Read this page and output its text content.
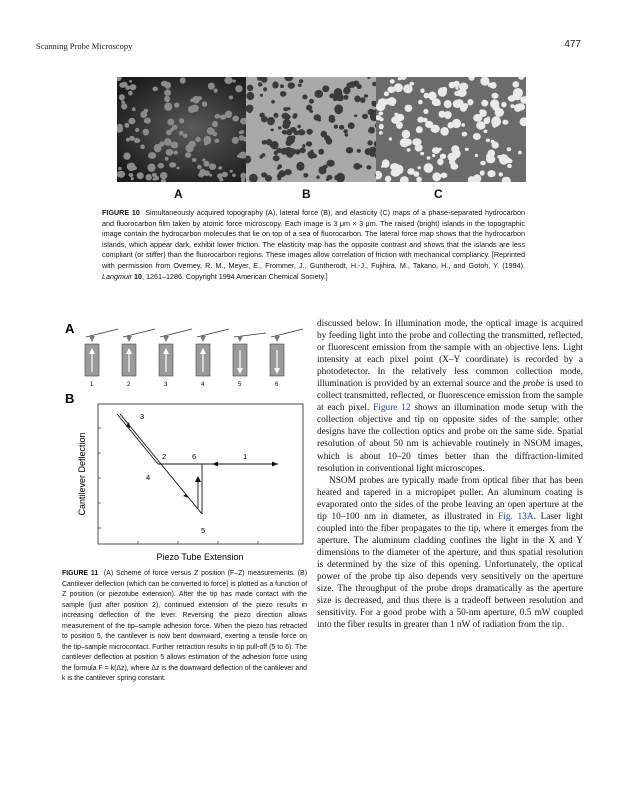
Scanning Probe Microscopy	477
A	B	C
FIGURE 10 Simultaneously acquired topography (A), lateral force (B), and elasticity (C) maps of a phase-separated hydrocarbon and fluorocarbon film taken by atomic force microscopy. Each image is 3 μm × 3 μm. The raised (bright) islands in the topographic image contain the hydrocarbon molecules that lie on top of a sea of fluorocarbon. The lateral force map shows that the hydrocarbon islands, which appear dark, exhibit lower friction. The elasticity map has the opposite contrast and shows that the islands are less compliant (or stiffer) than the fluorocarbon regions. These images allow correlation of friction with mechanical compliancy. [Reprinted with permission from Overney, R. M., Meyer, E., Frommer, J., Guntherodt, H.-J., Fujihira, M., Takano, H., and Gotoh, Y. (1994). Langmuir 10, 1261–1286. Copyright 1994 American Chemical Society.]
A
B
1	2	3	4	5	6
3
2	6	1
4
5
Cantilever Deflection
Piezo Tube Extension
FIGURE 11 (A) Scheme of force versus Z position (F–Z) measurements. (B) Cantilever deflection (which can be converted to force) is plotted as a function of Z position (or piezotube extension). After the tip has made contact with the sample (just after position 2), continued extension of the piezo results in increasing deflection of the lever. Reversing the piezo direction allows measurement of the tip–sample adhesion force. When the piezo has retracted to position 5, the cantilever is now bent downward, exerting a tensile force on the tip–sample microcontact. Further retraction results in tip pull-off (5 to 6). The cantilever deflection at position 5 allows estimation of the adhesion force using the formula F = k(Δz), where Δz is the downward deflection of the cantilever and k is the cantilever spring constant.

discussed below. In illumination mode, the optical image is acquired by feeding light into the probe and collecting the transmitted, reflected, or fluorescent emission from the sample with an objective lens. Light intensity at each pixel point (X–Y coordinate) is recorded by a photodetector. In the relatively less common collection mode, illumination is provided by an external source and the probe is used to collect transmitted, reflected, or fluorescence emission from the sample at each pixel. Figure 12 shows an illumination mode setup with the collection objective and tip on opposite sides of the sample; other designs have the collection optics and probe on the same side. Spatial resolution of about 50 nm is achievable routinely in NSOM images, which is about 10–20 times better than the diffraction-limited resolution in conventional light microscopes.

NSOM probes are typically made from optical fiber that has been heated and tapered in a micropipet puller. An aluminum coating is evaporated onto the sides of the probe leaving an open aperture at the tip 10–100 nm in diameter, as illustrated in Fig. 13A. Laser light coupled into the fiber propagates to the tip, where it emerges from the aperture. The aluminum cladding confines the light in the X and Y dimensions to the diameter of the aperture, and thus spatial resolution is determined by the size of this opening. Unfortunately, the optical power of the probe tip also depends very sensitively on the aperture size. The throughput of the probe drops dramatically as the aperture size is decreased, and thus there is a tradeoff between resolution and sensitivity. For a good probe with a 50-nm aperture, 0.5 mW coupled into the fiber results in greater than 1 nW of radiation from the tip.
